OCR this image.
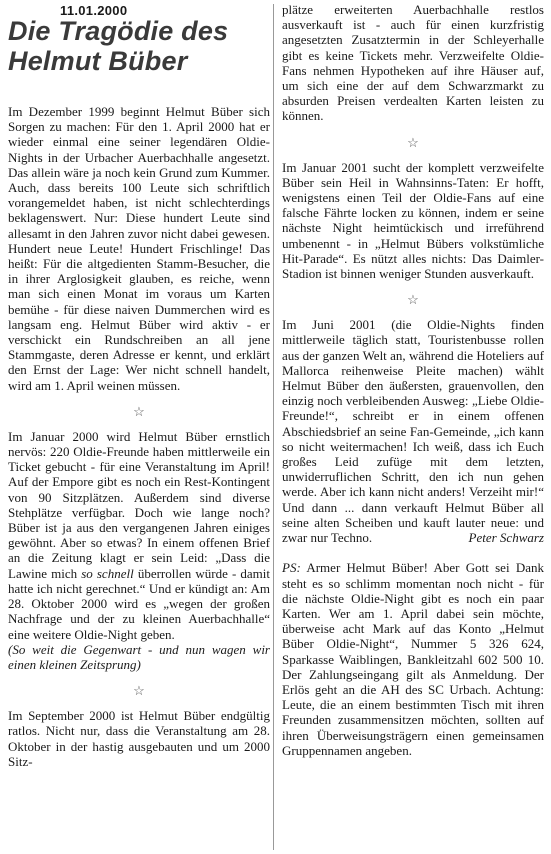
11.01.2000
Die Tragödie des Helmut Büber

Im Dezember 1999 beginnt Helmut Büber sich Sorgen zu machen: Für den 1. April 2000 hat er wieder einmal eine seiner legendären Oldie-Nights in der Urbacher Auerbachhalle angesetzt. Das allein wäre ja noch kein Grund zum Kummer. Auch, dass bereits 100 Leute sich schriftlich vorangemeldet haben, ist nicht schlechterdings beklagenswert. Nur: Diese hundert Leute sind allesamt in den Jahren zuvor nicht dabei gewesen. Hundert neue Leute! Hundert Frischlinge! Das heißt: Für die altgedienten Stamm-Besucher, die in ihrer Arglosigkeit glauben, es reiche, wenn man sich einen Monat im voraus um Karten bemühe - für diese naiven Dummerchen wird es langsam eng. Helmut Büber wird aktiv - er verschickt ein Rundschreiben an all jene Stammgaste, deren Adresse er kennt, und erklärt den Ernst der Lage: Wer nicht schnell handelt, wird am 1. April weinen müssen.

☆

Im Januar 2000 wird Helmut Büber ernstlich nervös: 220 Oldie-Freunde haben mittlerweile ein Ticket gebucht - für eine Veranstaltung im April! Auf der Empore gibt es noch ein Rest-Kontingent von 90 Sitzplätzen. Außerdem sind diverse Stehplätze verfügbar. Doch wie lange noch? Büber ist ja aus den vergangenen Jahren einiges gewöhnt. Aber so etwas? In einem offenen Brief an die Zeitung klagt er sein Leid: „Dass die Lawine mich so schnell überrollen würde - damit hatte ich nicht gerechnet.“ Und er kündigt an: Am 28. Oktober 2000 wird es „wegen der großen Nachfrage und der zu kleinen Auerbachhalle“ eine weitere Oldie-Night geben.

(So weit die Gegenwart - und nun wagen wir einen kleinen Zeitsprung)

☆

Im September 2000 ist Helmut Büber endgültig ratlos. Nicht nur, dass die Veranstaltung am 28. Oktober in der hastig ausgebauten und um 2000 Sitz-

plätze erweiterten Auerbachhalle restlos ausverkauft ist - auch für einen kurzfristig angesetzten Zusatztermin in der Schleyerhalle gibt es keine Tickets mehr. Verzweifelte Oldie-Fans nehmen Hypotheken auf ihre Häuser auf, um sich eine der auf dem Schwarzmarkt zu absurden Preisen verdealten Karten leisten zu können.

☆

Im Januar 2001 sucht der komplett verzweifelte Büber sein Heil in Wahnsinns-Taten: Er hofft, wenigstens einen Teil der Oldie-Fans auf eine falsche Fährte locken zu können, indem er seine nächste Night heimtückisch und irreführend umbenennt - in „Helmut Bübers volkstümliche Hit-Parade“. Es nützt alles nichts: Das Daimler-Stadion ist binnen weniger Stunden ausverkauft.

☆

Im Juni 2001 (die Oldie-Nights finden mittlerweile täglich statt, Touristenbusse rollen aus der ganzen Welt an, während die Hoteliers auf Mallorca reihenweise Pleite machen) wählt Helmut Büber den äußersten, grauenvollen, den einzig noch verbleibenden Ausweg: „Liebe Oldie-Freunde!“, schreibt er in einem offenen Abschiedsbrief an seine Fan-Gemeinde, „ich kann so nicht weitermachen! Ich weiß, dass ich Euch großes Leid zufüge mit dem letzten, unwiderruflichen Schritt, den ich nun gehen werde. Aber ich kann nicht anders! Verzeiht mir!“ Und dann ... dann verkauft Helmut Büber all seine alten Scheiben und kauft lauter neue: und zwar nur Techno.	Peter Schwarz

PS: Armer Helmut Büber! Aber Gott sei Dank steht es so schlimm momentan noch nicht - für die nächste Oldie-Night gibt es noch ein paar Karten. Wer am 1. April dabei sein möchte, überweise acht Mark auf das Konto „Helmut Büber Oldie-Night“, Nummer 5 326 624, Sparkasse Waiblingen, Bankleitzahl 602 500 10. Der Zahlungseingang gilt als Anmeldung. Der Erlös geht an die AH des SC Urbach. Achtung: Leute, die an einem bestimmten Tisch mit ihren Freunden zusammensitzen möchten, sollten auf ihren Überweisungsträgern einen gemeinsamen Gruppennamen angeben.
